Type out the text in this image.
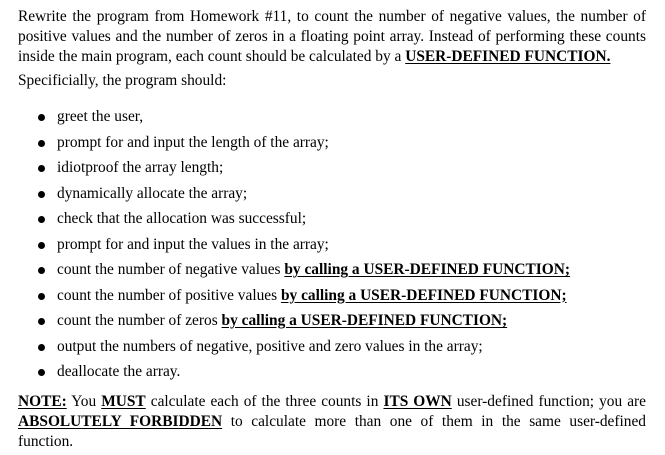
Rewrite the program from Homework #11, to count the number of negative values, the number of positive values and the number of zeros in a floating point array. Instead of performing these counts inside the main program, each count should be calculated by a USER-DEFINED FUNCTION.

Specificially, the program should:

greet the user,
prompt for and input the length of the array;
idiotproof the array length;
dynamically allocate the array;
check that the allocation was successful;
prompt for and input the values in the array;
count the number of negative values by calling a USER-DEFINED FUNCTION;
count the number of positive values by calling a USER-DEFINED FUNCTION;
count the number of zeros by calling a USER-DEFINED FUNCTION;
output the numbers of negative, positive and zero values in the array;
deallocate the array.

NOTE: You MUST calculate each of the three counts in ITS OWN user-defined function; you are ABSOLUTELY FORBIDDEN to calculate more than one of them in the same user-defined function.
